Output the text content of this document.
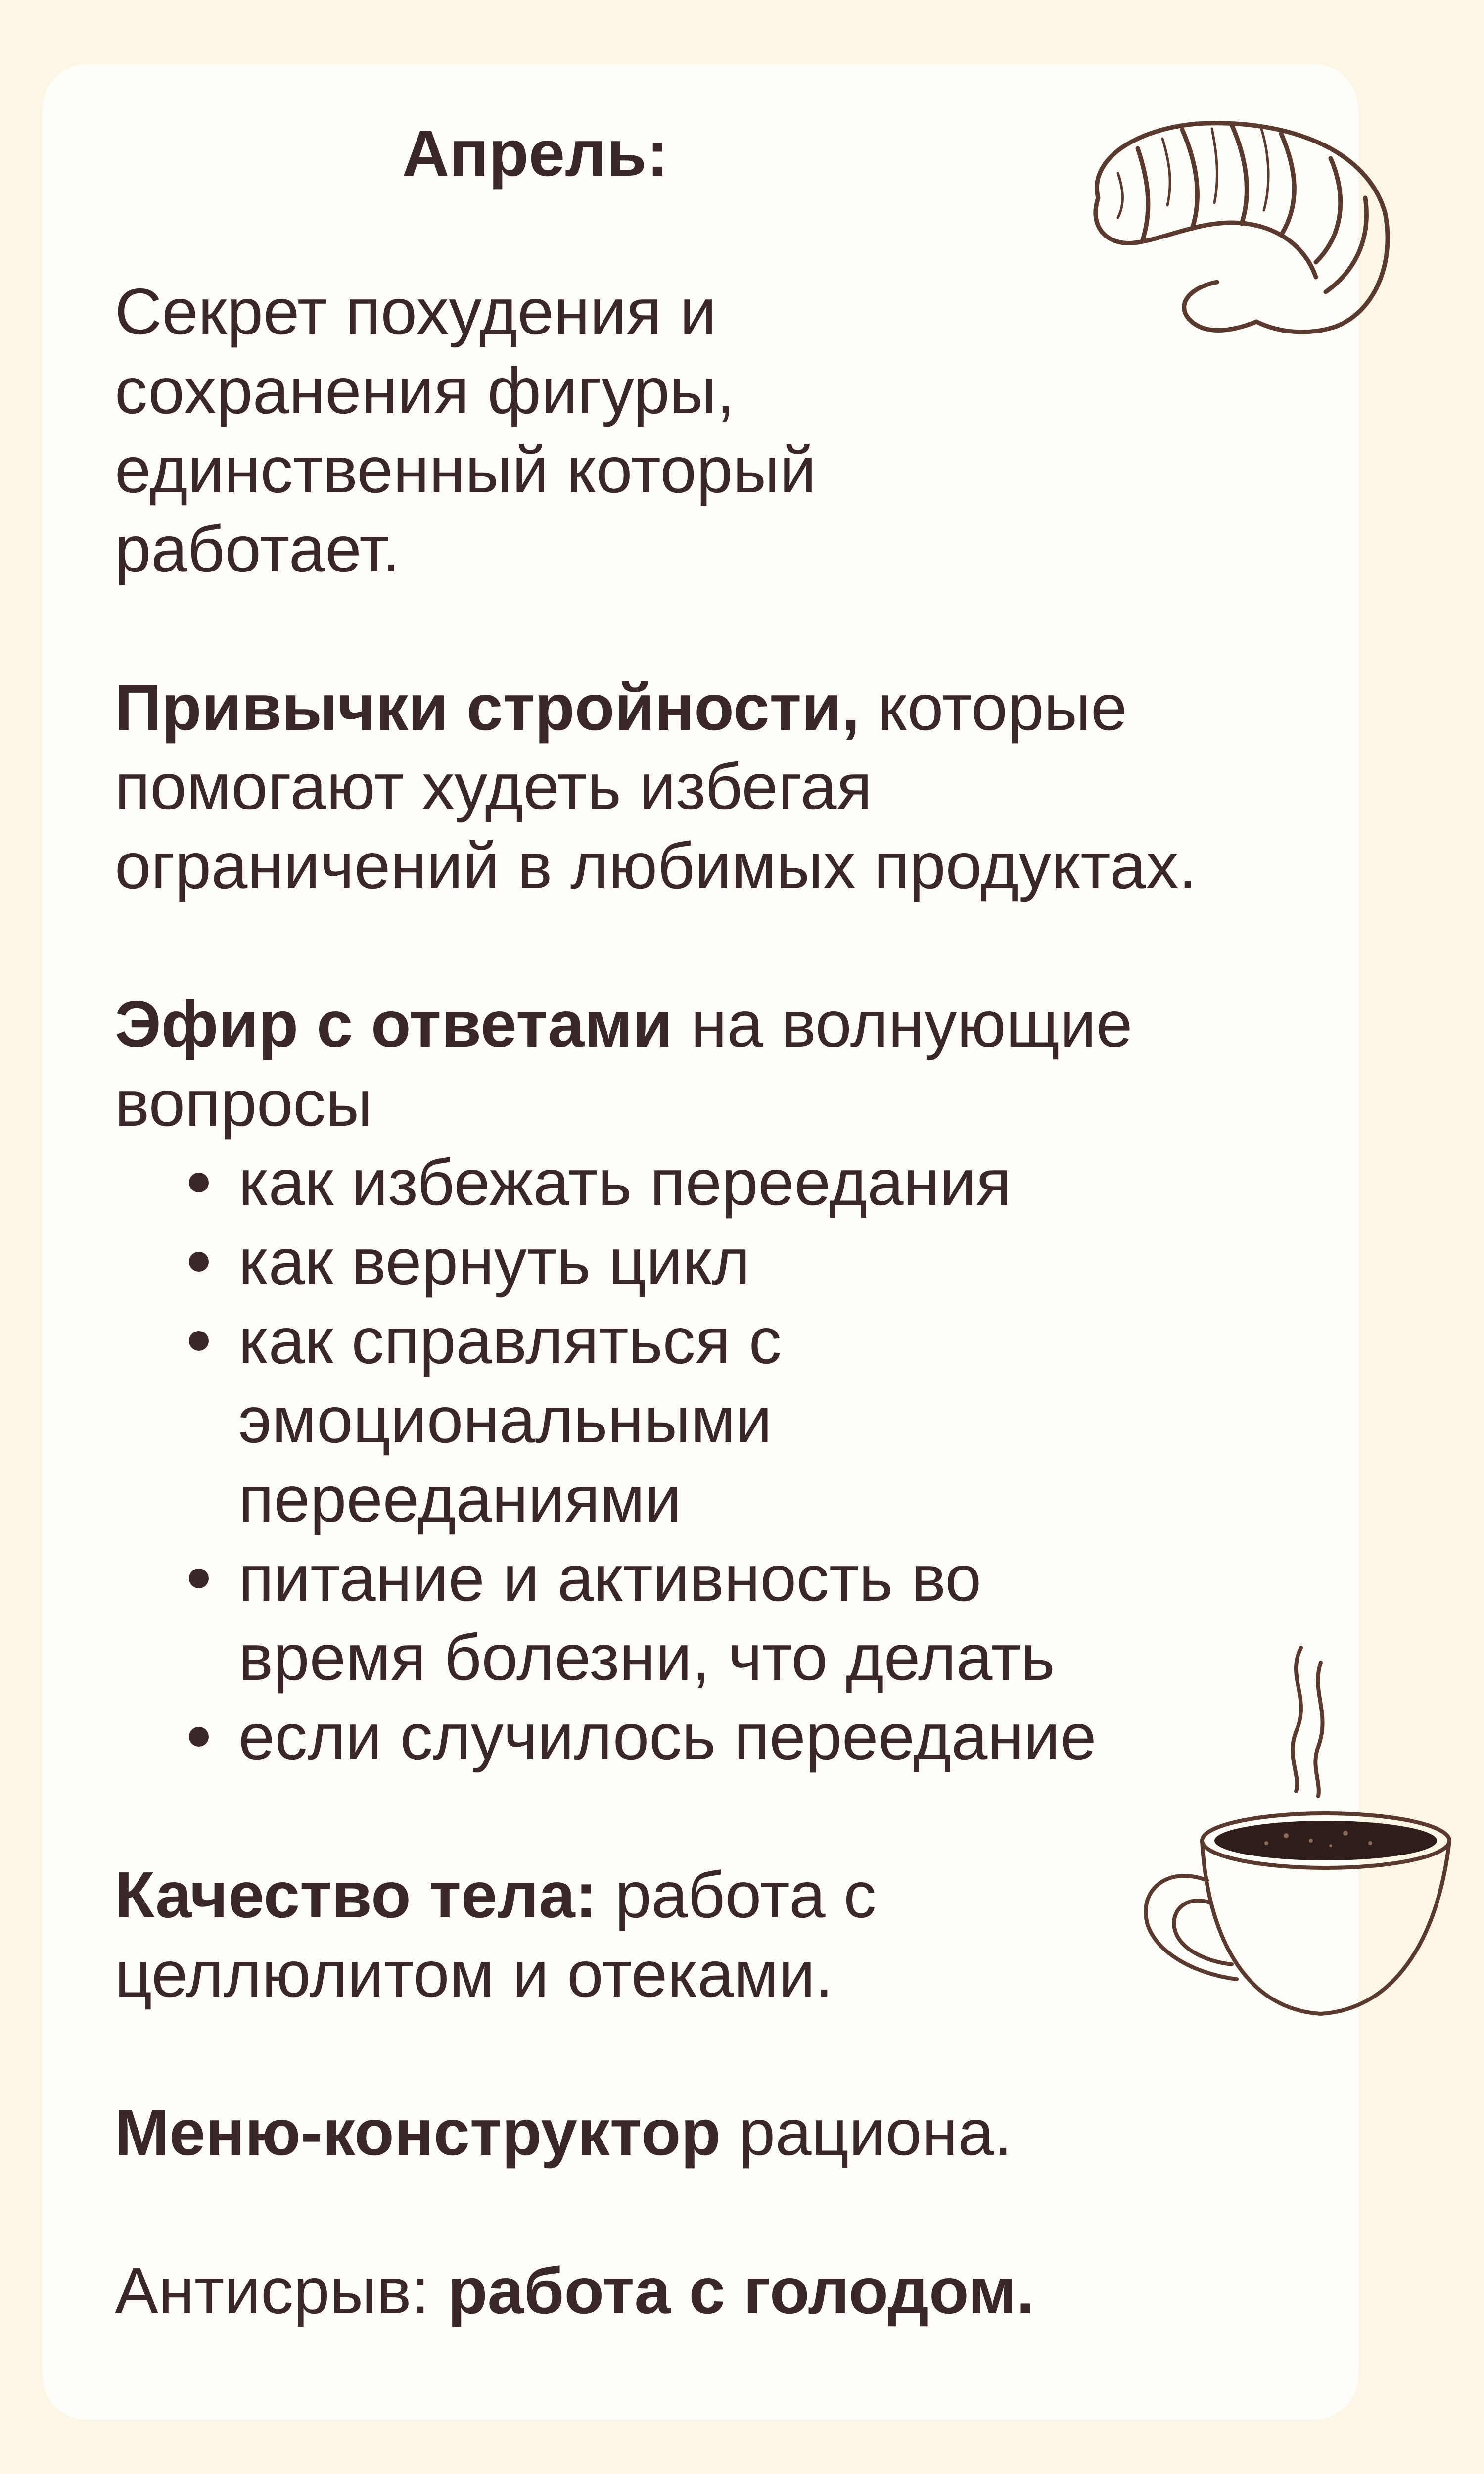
Апрель:

Секрет похудения и сохранения фигуры, единственный который работает.

Привычки стройности, которые помогают худеть избегая ограничений в любимых продуктах.

Эфир с ответами на волнующие вопросы

как избежать переедания
как вернуть цикл
как справляться с эмоциональными перееданиями
питание и активность во время болезни, что делать
если случилось переедание

Качество тела: работа с целлюлитом и отеками.

Меню-конструктор рациона.

Антисрыв: работа с голодом.
